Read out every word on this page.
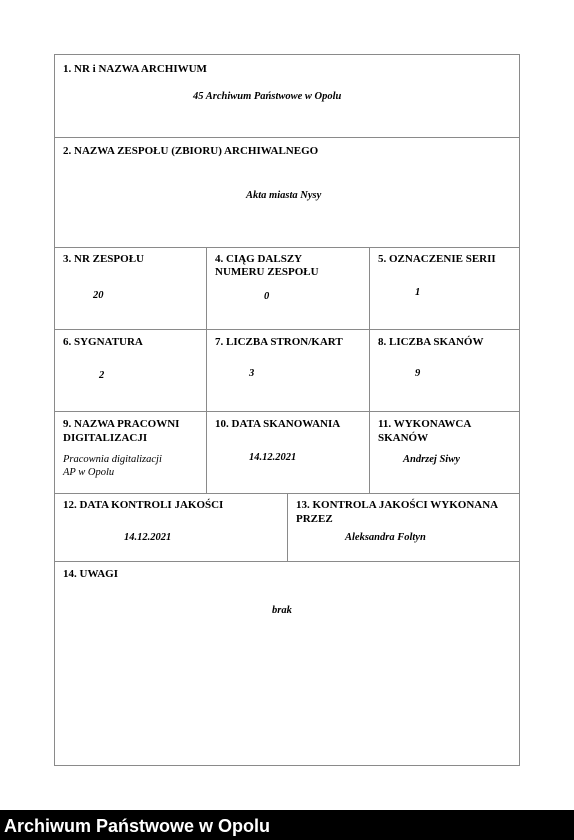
1. NR i NAZWA ARCHIWUM
45 Archiwum Państwowe w Opolu
2. NAZWA ZESPOŁU (ZBIORU) ARCHIWALNEGO
Akta miasta Nysy
3. NR ZESPOŁU
20
4. CIĄG DALSZY
NUMERU ZESPOŁU
0
5. OZNACZENIE SERII
1
6. SYGNATURA
2
7. LICZBA STRON/KART
3
8. LICZBA SKANÓW
9
9. NAZWA PRACOWNI
DIGITALIZACJI
Pracownia digitalizacji
AP w Opolu
10. DATA SKANOWANIA
14.12.2021
11. WYKONAWCA
SKANÓW
Andrzej Siwy
12. DATA KONTROLI JAKOŚCI
14.12.2021
13. KONTROLA JAKOŚCI WYKONANA
PRZEZ
Aleksandra Foltyn
14. UWAGI
brak
Archiwum Państwowe w Opolu
